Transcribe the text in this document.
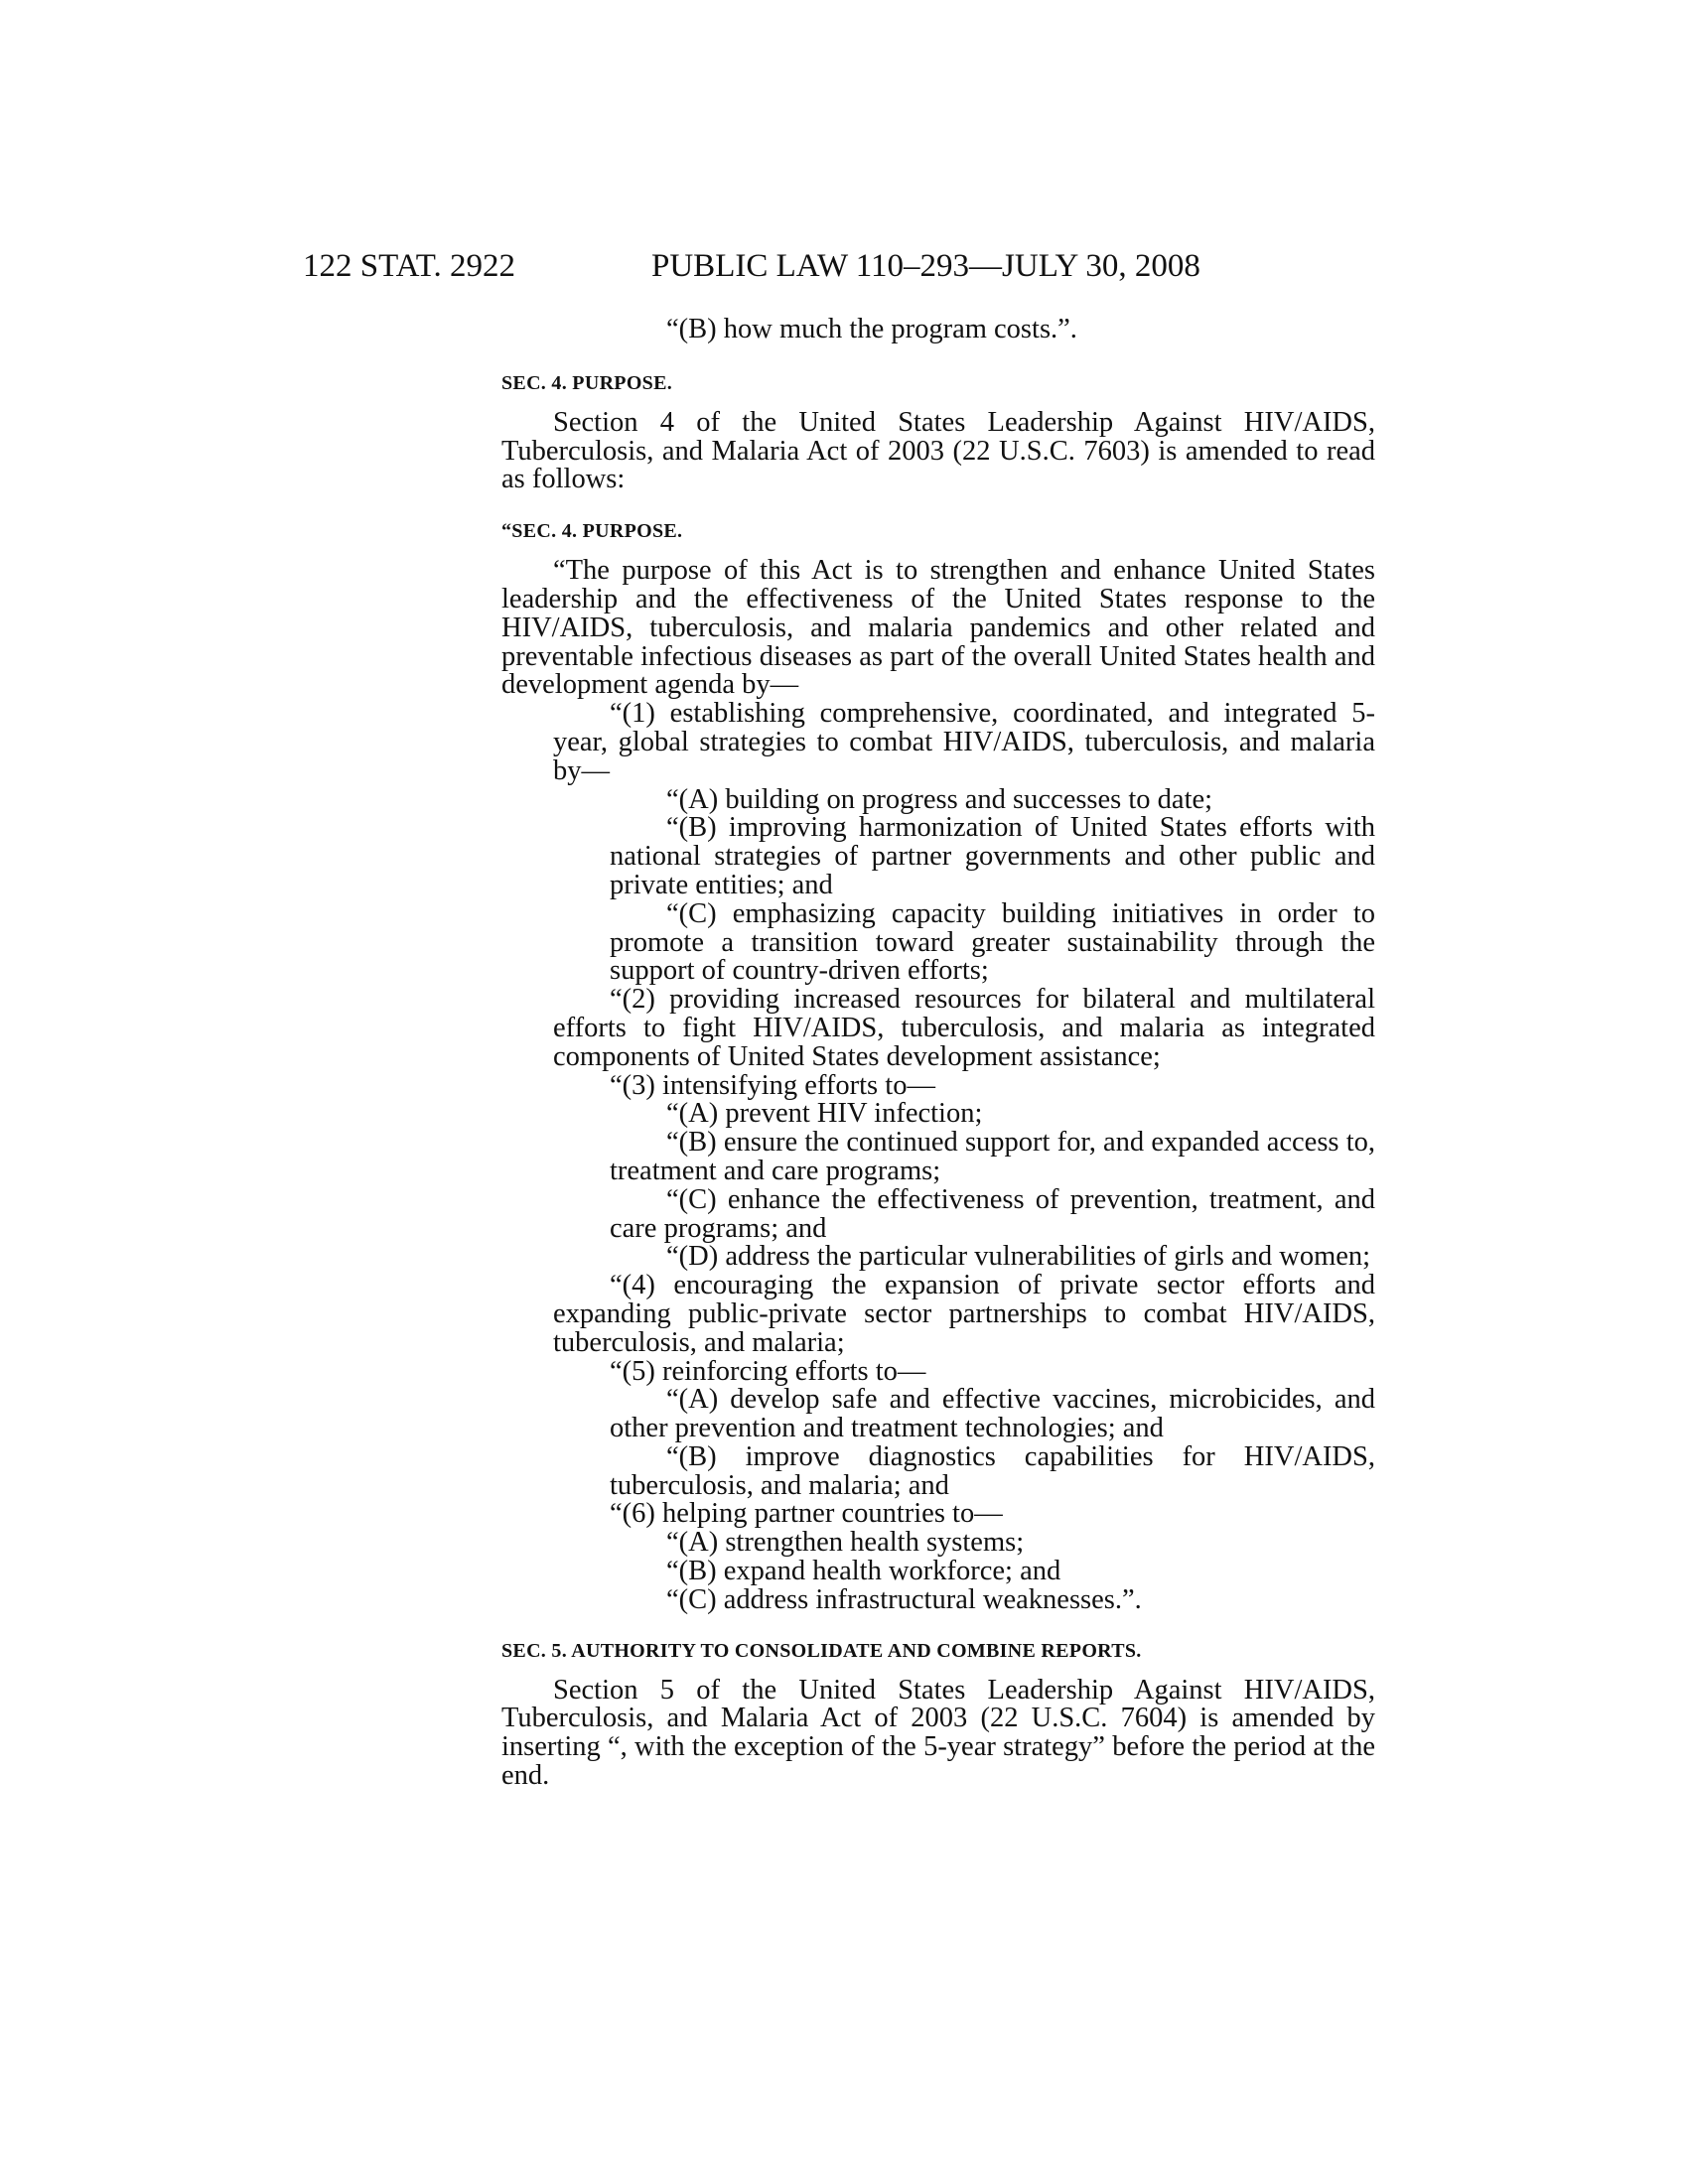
122 STAT. 2922	PUBLIC LAW 110–293—JULY 30, 2008

“(B) how much the program costs.”.

SEC. 4. PURPOSE.

Section 4 of the United States Leadership Against HIV/AIDS, Tuberculosis, and Malaria Act of 2003 (22 U.S.C. 7603) is amended to read as follows:

“SEC. 4. PURPOSE.

“The purpose of this Act is to strengthen and enhance United States leadership and the effectiveness of the United States response to the HIV/AIDS, tuberculosis, and malaria pandemics and other related and preventable infectious diseases as part of the overall United States health and development agenda by—

“(1) establishing comprehensive, coordinated, and integrated 5-year, global strategies to combat HIV/AIDS, tuberculosis, and malaria by—

“(A) building on progress and successes to date;

“(B) improving harmonization of United States efforts with national strategies of partner governments and other public and private entities; and

“(C) emphasizing capacity building initiatives in order to promote a transition toward greater sustainability through the support of country-driven efforts;

“(2) providing increased resources for bilateral and multilateral efforts to fight HIV/AIDS, tuberculosis, and malaria as integrated components of United States development assistance;

“(3) intensifying efforts to—

“(A) prevent HIV infection;

“(B) ensure the continued support for, and expanded access to, treatment and care programs;

“(C) enhance the effectiveness of prevention, treatment, and care programs; and

“(D) address the particular vulnerabilities of girls and women;

“(4) encouraging the expansion of private sector efforts and expanding public-private sector partnerships to combat HIV/AIDS, tuberculosis, and malaria;

“(5) reinforcing efforts to—

“(A) develop safe and effective vaccines, microbicides, and other prevention and treatment technologies; and

“(B) improve diagnostics capabilities for HIV/AIDS, tuberculosis, and malaria; and

“(6) helping partner countries to—

“(A) strengthen health systems;

“(B) expand health workforce; and

“(C) address infrastructural weaknesses.”.

SEC. 5. AUTHORITY TO CONSOLIDATE AND COMBINE REPORTS.

Section 5 of the United States Leadership Against HIV/AIDS, Tuberculosis, and Malaria Act of 2003 (22 U.S.C. 7604) is amended by inserting “, with the exception of the 5-year strategy” before the period at the end.
